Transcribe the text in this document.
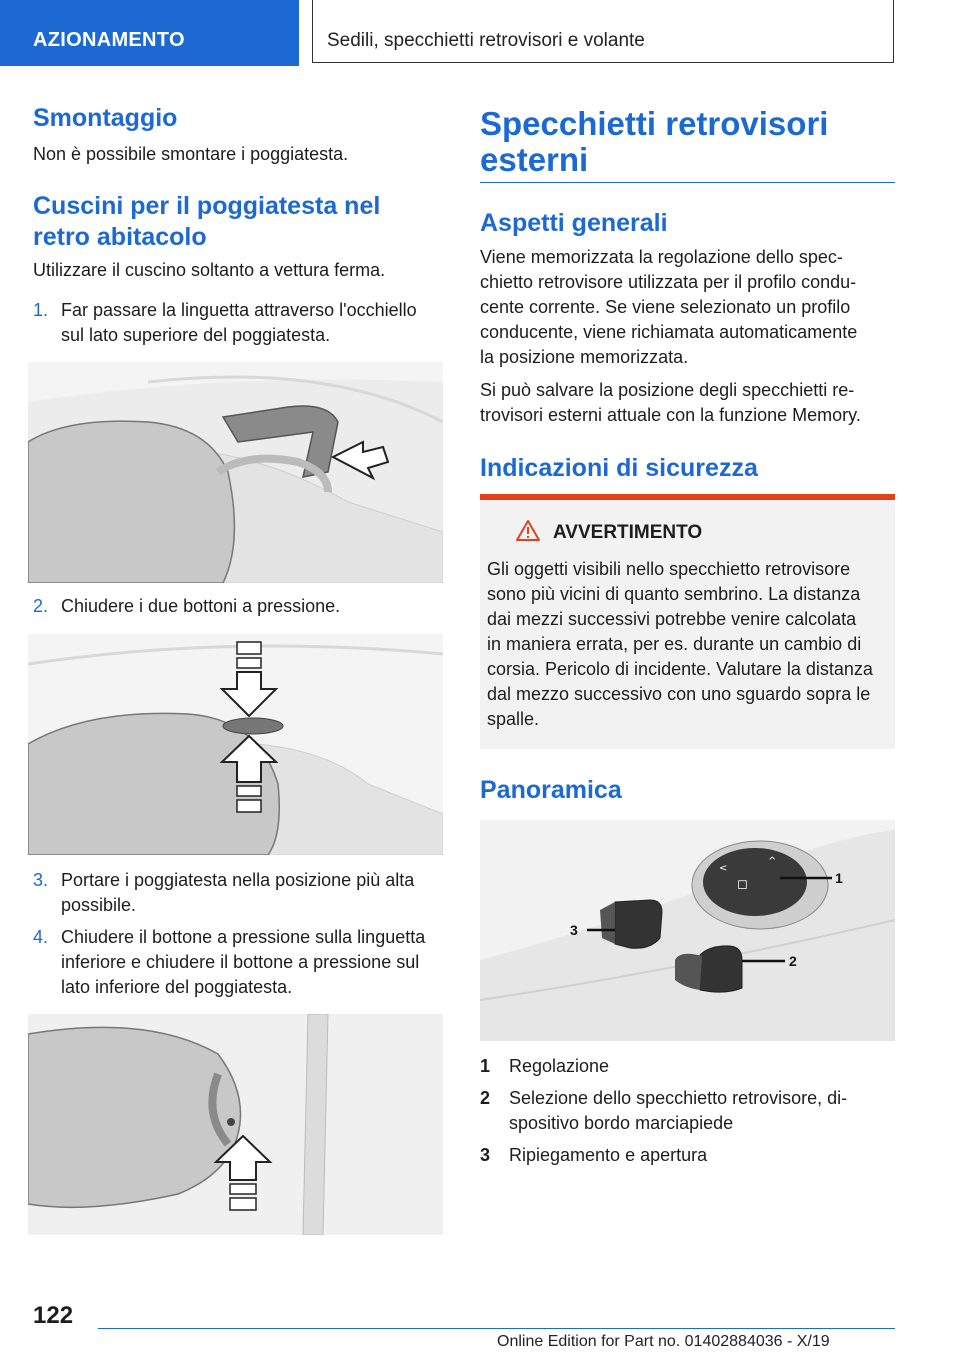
AZIONAMENTO	Sedili, specchietti retrovisori e volante
Smontaggio

Non è possibile smontare i poggiatesta.

Cuscini per il poggiatesta nel
retro abitacolo

Utilizzare il cuscino soltanto a vettura ferma.

1. Far passare la linguetta attraverso l'occhiello

sul lato superiore del poggiatesta.

2. Chiudere i due bottoni a pressione.

3. Portare i poggiatesta nella posizione più alta

possibile.

4. Chiudere il bottone a pressione sulla linguetta

inferiore e chiudere il bottone a pressione sul

lato inferiore del poggiatesta.

Specchietti retrovisori
esterni
Aspetti generali

Viene memorizzata la regolazione dello spec-

chietto retrovisore utilizzata per il profilo condu-

cente corrente. Se viene selezionato un profilo

conducente, viene richiamata automaticamente

la posizione memorizzata.

Si può salvare la posizione degli specchietti re-

trovisori esterni attuale con la funzione Memory.

Indicazioni di sicurezza
AVVERTIMENTO

Gli oggetti visibili nello specchietto retrovisore

sono più vicini di quanto sembrino. La distanza

dai mezzi successivi potrebbe venire calcolata

in maniera errata, per es. durante un cambio di

corsia. Pericolo di incidente. Valutare la distanza

dal mezzo successivo con uno sguardo sopra le

spalle.

Panoramica
<
^
◻	1
2
3
1 Regolazione

2 Selezione dello specchietto retrovisore, di-

spositivo bordo marciapiede

3 Ripiegamento e apertura

122
Online Edition for Part no. 01402884036 - X/19
